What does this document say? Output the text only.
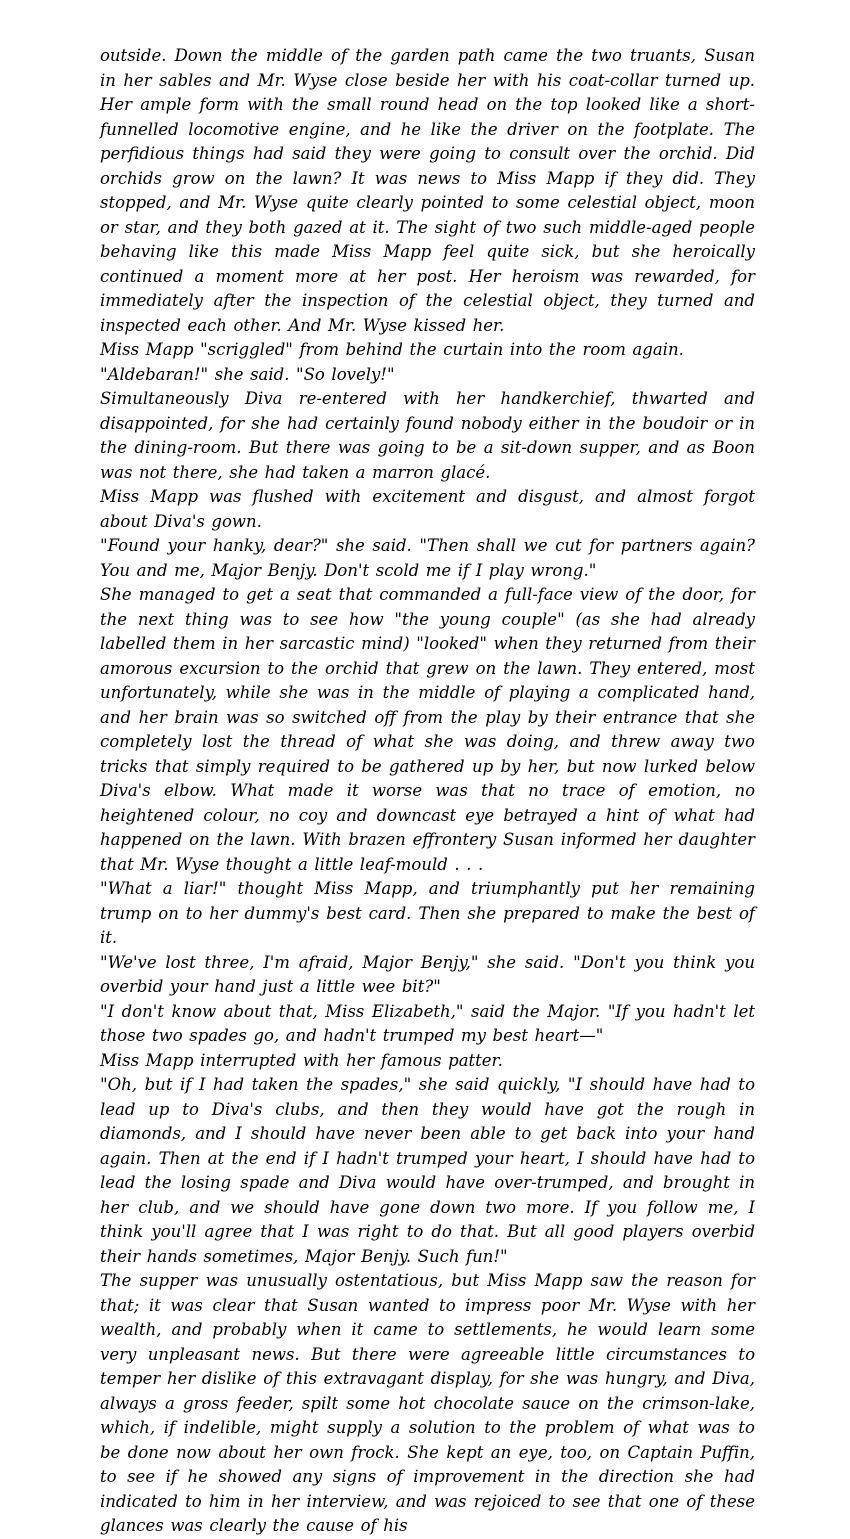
outside. Down the middle of the garden path came the two truants, Susan in her sables and Mr. Wyse close beside her with his coat-collar turned up. Her ample form with the small round head on the top looked like a short-funnelled locomotive engine, and he like the driver on the footplate. The perfidious things had said they were going to consult over the orchid. Did orchids grow on the lawn? It was news to Miss Mapp if they did. They stopped, and Mr. Wyse quite clearly pointed to some celestial object, moon or star, and they both gazed at it. The sight of two such middle-aged people behaving like this made Miss Mapp feel quite sick, but she heroically continued a moment more at her post. Her heroism was rewarded, for immediately after the inspection of the celestial object, they turned and inspected each other. And Mr. Wyse kissed her.

Miss Mapp "scriggled" from behind the curtain into the room again.

"Aldebaran!" she said. "So lovely!"

Simultaneously Diva re-entered with her handkerchief, thwarted and disappointed, for she had certainly found nobody either in the boudoir or in the dining-room. But there was going to be a sit-down supper, and as Boon was not there, she had taken a marron glacé.

Miss Mapp was flushed with excitement and disgust, and almost forgot about Diva's gown.

"Found your hanky, dear?" she said. "Then shall we cut for partners again? You and me, Major Benjy. Don't scold me if I play wrong."

She managed to get a seat that commanded a full-face view of the door, for the next thing was to see how "the young couple" (as she had already labelled them in her sarcastic mind) "looked" when they returned from their amorous excursion to the orchid that grew on the lawn. They entered, most unfortunately, while she was in the middle of playing a complicated hand, and her brain was so switched off from the play by their entrance that she completely lost the thread of what she was doing, and threw away two tricks that simply required to be gathered up by her, but now lurked below Diva's elbow. What made it worse was that no trace of emotion, no heightened colour, no coy and downcast eye betrayed a hint of what had happened on the lawn. With brazen effrontery Susan informed her daughter that Mr. Wyse thought a little leaf-mould . . .

"What a liar!" thought Miss Mapp, and triumphantly put her remaining trump on to her dummy's best card. Then she prepared to make the best of it.

"We've lost three, I'm afraid, Major Benjy," she said. "Don't you think you overbid your hand just a little wee bit?"

"I don't know about that, Miss Elizabeth," said the Major. "If you hadn't let those two spades go, and hadn't trumped my best heart—"

Miss Mapp interrupted with her famous patter.

"Oh, but if I had taken the spades," she said quickly, "I should have had to lead up to Diva's clubs, and then they would have got the rough in diamonds, and I should have never been able to get back into your hand again. Then at the end if I hadn't trumped your heart, I should have had to lead the losing spade and Diva would have over-trumped, and brought in her club, and we should have gone down two more. If you follow me, I think you'll agree that I was right to do that. But all good players overbid their hands sometimes, Major Benjy. Such fun!"

The supper was unusually ostentatious, but Miss Mapp saw the reason for that; it was clear that Susan wanted to impress poor Mr. Wyse with her wealth, and probably when it came to settlements, he would learn some very unpleasant news. But there were agreeable little circumstances to temper her dislike of this extravagant display, for she was hungry, and Diva, always a gross feeder, spilt some hot chocolate sauce on the crimson-lake, which, if indelible, might supply a solution to the problem of what was to be done now about her own frock. She kept an eye, too, on Captain Puffin, to see if he showed any signs of improvement in the direction she had indicated to him in her interview, and was rejoiced to see that one of these glances was clearly the cause of his
